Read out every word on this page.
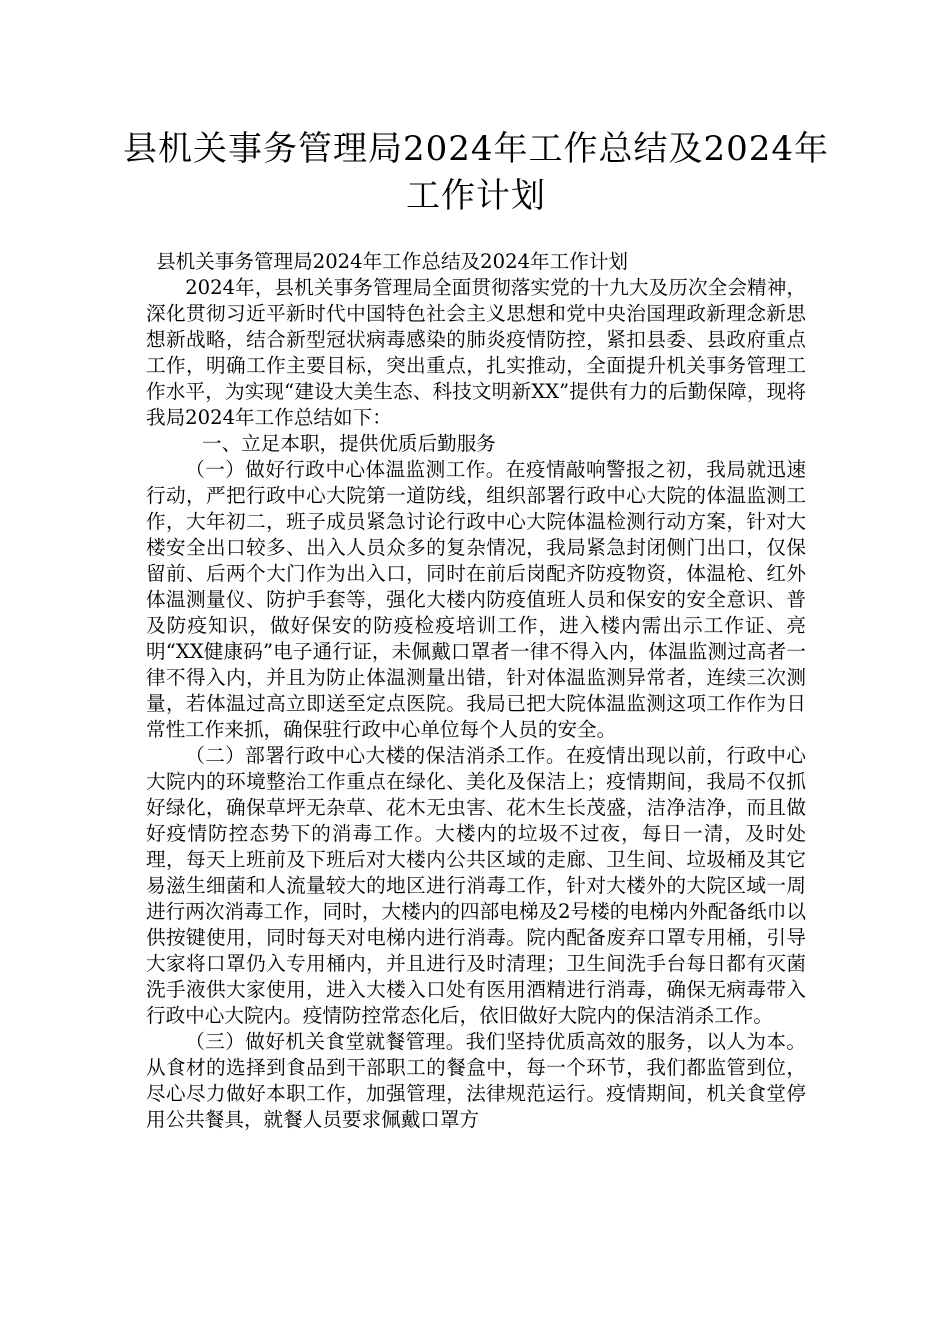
县机关事务管理局2024年工作总结及2024年工作计划

县机关事务管理局2024年工作总结及2024年工作计划

2024年，县机关事务管理局全面贯彻落实党的十九大及历次全会精神，深化贯彻习近平新时代中国特色社会主义思想和党中央治国理政新理念新思想新战略，结合新型冠状病毒感染的肺炎疫情防控，紧扣县委、县政府重点工作，明确工作主要目标，突出重点，扎实推动，全面提升机关事务管理工作水平，为实现“建设大美生态、科技文明新XX”提供有力的后勤保障，现将我局2024年工作总结如下：

一、立足本职，提供优质后勤服务

（一）做好行政中心体温监测工作。在疫情敲响警报之初，我局就迅速行动，严把行政中心大院第一道防线，组织部署行政中心大院的体温监测工作，大年初二，班子成员紧急讨论行政中心大院体温检测行动方案，针对大楼安全出口较多、出入人员众多的复杂情况，我局紧急封闭侧门出口，仅保留前、后两个大门作为出入口，同时在前后岗配齐防疫物资，体温枪、红外体温测量仪、防护手套等，强化大楼内防疫值班人员和保安的安全意识、普及防疫知识，做好保安的防疫检疫培训工作，进入楼内需出示工作证、亮明“XX健康码”电子通行证，未佩戴口罩者一律不得入内，体温监测过高者一律不得入内，并且为防止体温测量出错，针对体温监测异常者，连续三次测量，若体温过高立即送至定点医院。我局已把大院体温监测这项工作作为日常性工作来抓，确保驻行政中心单位每个人员的安全。

（二）部署行政中心大楼的保洁消杀工作。在疫情出现以前，行政中心大院内的环境整治工作重点在绿化、美化及保洁上；疫情期间，我局不仅抓好绿化，确保草坪无杂草、花木无虫害、花木生长茂盛，洁净洁净，而且做好疫情防控态势下的消毒工作。大楼内的垃圾不过夜，每日一清，及时处理，每天上班前及下班后对大楼内公共区域的走廊、卫生间、垃圾桶及其它易滋生细菌和人流量较大的地区进行消毒工作，针对大楼外的大院区域一周进行两次消毒工作，同时，大楼内的四部电梯及2号楼的电梯内外配备纸巾以供按键使用，同时每天对电梯内进行消毒。院内配备废弃口罩专用桶，引导大家将口罩仍入专用桶内，并且进行及时清理；卫生间洗手台每日都有灭菌洗手液供大家使用，进入大楼入口处有医用酒精进行消毒，确保无病毒带入行政中心大院内。疫情防控常态化后，依旧做好大院内的保洁消杀工作。

（三）做好机关食堂就餐管理。我们坚持优质高效的服务，以人为本。从食材的选择到食品到干部职工的餐盒中，每一个环节，我们都监管到位，尽心尽力做好本职工作，加强管理，法律规范运行。疫情期间，机关食堂停用公共餐具，就餐人员要求佩戴口罩方
